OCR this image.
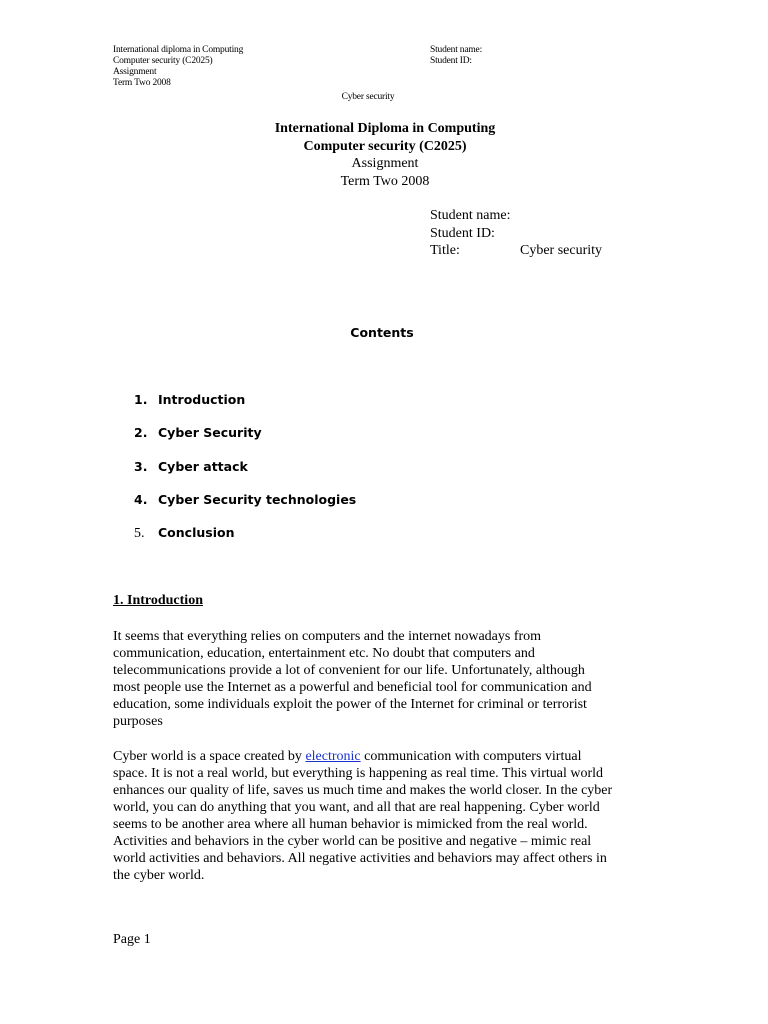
International diploma in Computing
Computer security (C2025)
Assignment
Term Two 2008
Student name:
Student ID:
Cyber security
International Diploma in Computing
Computer security (C2025)
Assignment
Term Two 2008
Student name:
Student ID:
Title:	Cyber security
Contents
1. Introduction
2. Cyber Security
3. Cyber attack
4. Cyber Security technologies
5. Conclusion
1. Introduction

It seems that everything relies on computers and the internet nowadays from
communication, education, entertainment etc. No doubt that computers and
telecommunications provide a lot of convenient for our life. Unfortunately, although
most people use the Internet as a powerful and beneficial tool for communication and
education, some individuals exploit the power of the Internet for criminal or terrorist
purposes

Cyber world is a space created by electronic communication with computers virtual
space. It is not a real world, but everything is happening as real time. This virtual world
enhances our quality of life, saves us much time and makes the world closer. In the cyber
world, you can do anything that you want, and all that are real happening. Cyber world
seems to be another area where all human behavior is mimicked from the real world.
Activities and behaviors in the cyber world can be positive and negative – mimic real
world activities and behaviors. All negative activities and behaviors may affect others in
the cyber world.

Page 1
